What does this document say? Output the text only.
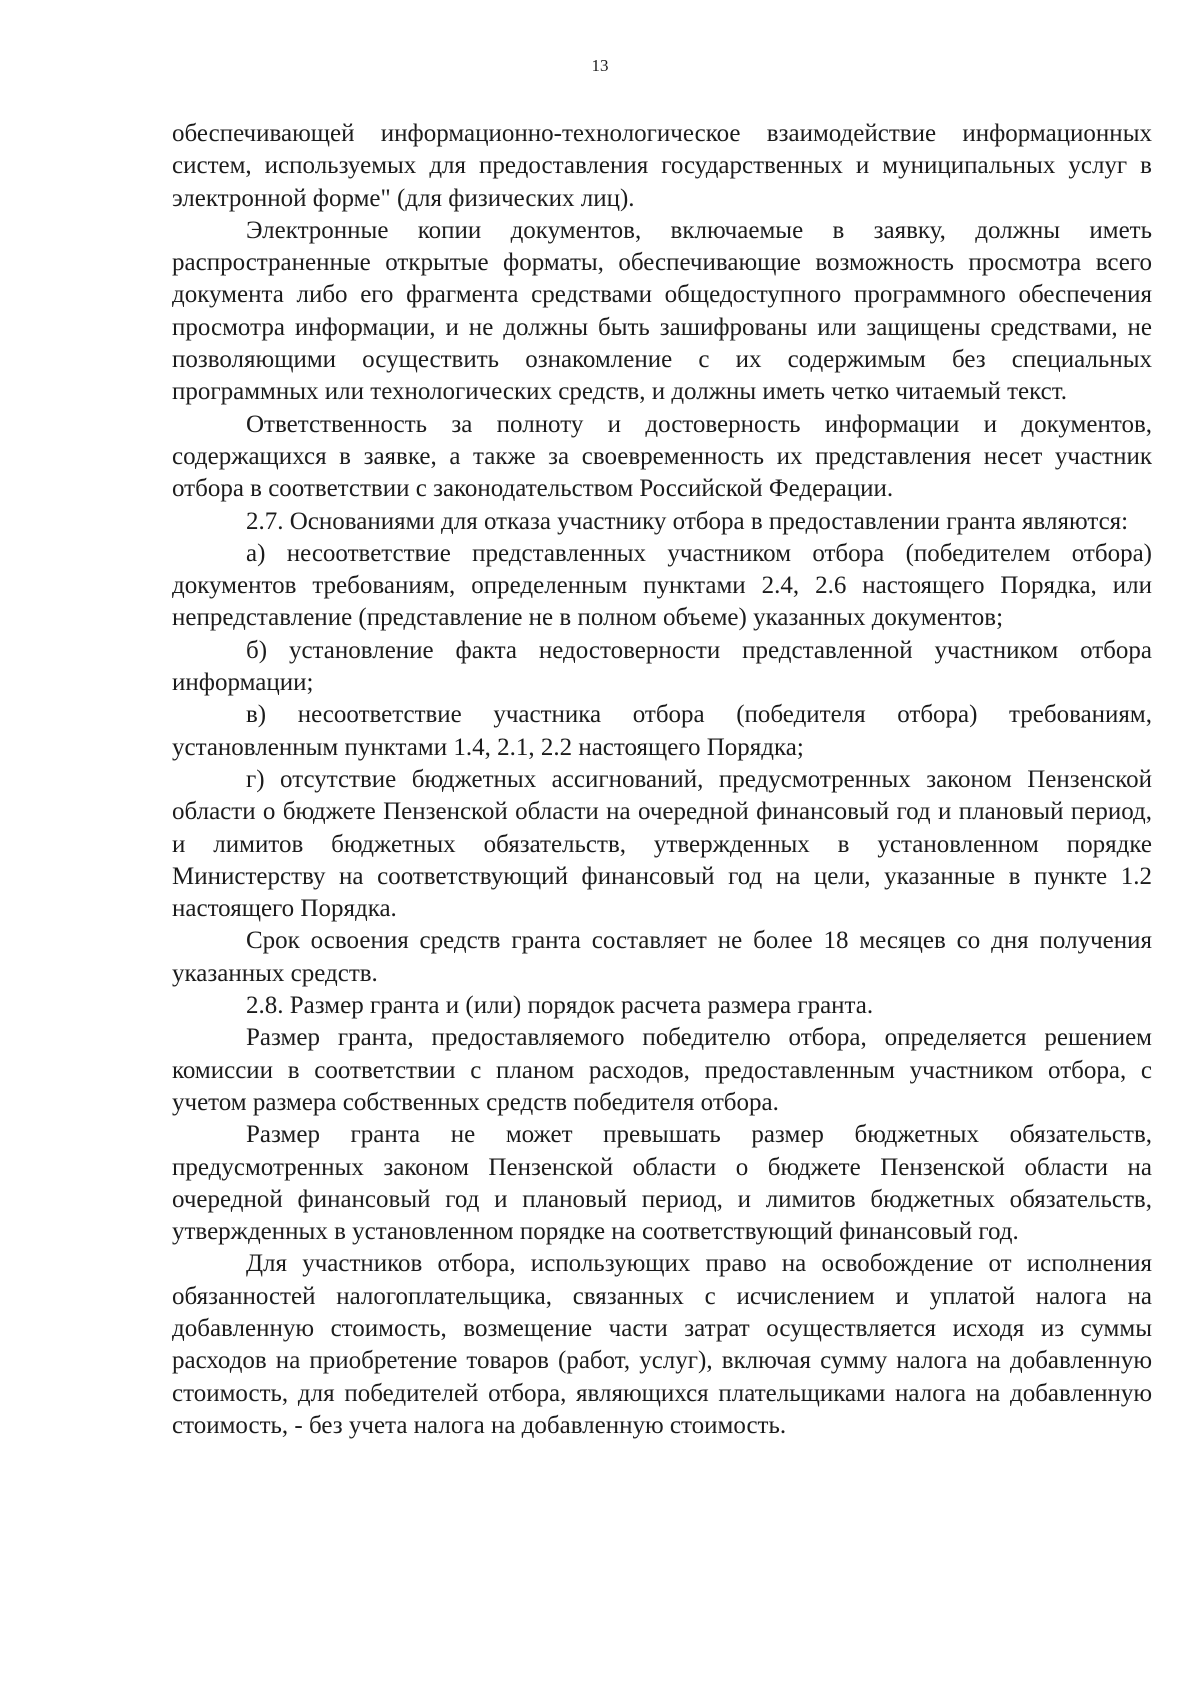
13

обеспечивающей информационно-технологическое взаимодействие информационных систем, используемых для предоставления государственных и муниципальных услуг в электронной форме" (для физических лиц).

Электронные копии документов, включаемые в заявку, должны иметь распространенные открытые форматы, обеспечивающие возможность просмотра всего документа либо его фрагмента средствами общедоступного программного обеспечения просмотра информации, и не должны быть зашифрованы или защищены средствами, не позволяющими осуществить ознакомление с их содержимым без специальных программных или технологических средств, и должны иметь четко читаемый текст.

Ответственность за полноту и достоверность информации и документов, содержащихся в заявке, а также за своевременность их представления несет участник отбора в соответствии с законодательством Российской Федерации.

2.7. Основаниями для отказа участнику отбора в предоставлении гранта являются:

а) несоответствие представленных участником отбора (победителем отбора) документов требованиям, определенным пунктами 2.4, 2.6 настоящего Порядка, или непредставление (представление не в полном объеме) указанных документов;

б) установление факта недостоверности представленной участником отбора информации;

в) несоответствие участника отбора (победителя отбора) требованиям, установленным пунктами 1.4, 2.1, 2.2 настоящего Порядка;

г) отсутствие бюджетных ассигнований, предусмотренных законом Пензенской области о бюджете Пензенской области на очередной финансовый год и плановый период, и лимитов бюджетных обязательств, утвержденных в установленном порядке Министерству на соответствующий финансовый год на цели, указанные в пункте 1.2 настоящего Порядка.

Срок освоения средств гранта составляет не более 18 месяцев со дня получения указанных средств.

2.8. Размер гранта и (или) порядок расчета размера гранта.

Размер гранта, предоставляемого победителю отбора, определяется решением комиссии в соответствии с планом расходов, предоставленным участником отбора, с учетом размера собственных средств победителя отбора.

Размер гранта не может превышать размер бюджетных обязательств, предусмотренных законом Пензенской области о бюджете Пензенской области на очередной финансовый год и плановый период, и лимитов бюджетных обязательств, утвержденных в установленном порядке на соответствующий финансовый год.

Для участников отбора, использующих право на освобождение от исполнения обязанностей налогоплательщика, связанных с исчислением и уплатой налога на добавленную стоимость, возмещение части затрат осуществляется исходя из суммы расходов на приобретение товаров (работ, услуг), включая сумму налога на добавленную стоимость, для победителей отбора, являющихся плательщиками налога на добавленную стоимость, - без учета налога на добавленную стоимость.
